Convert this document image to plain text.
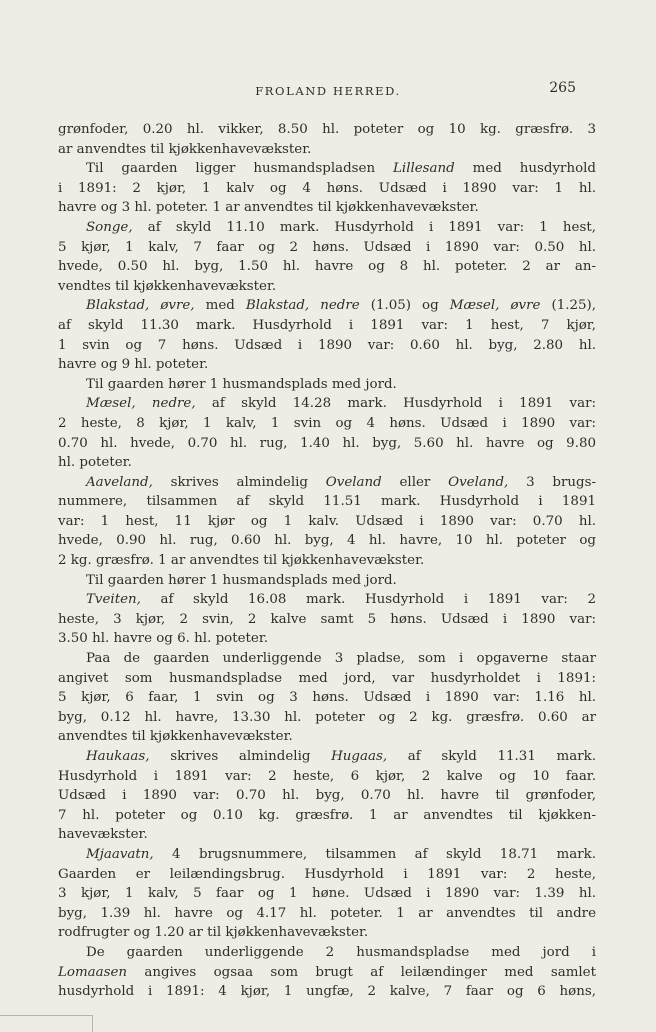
FROLAND HERRED.	265
grønfoder, 0.20 hl. vikker, 8.50 hl. poteter og 10 kg. græsfrø. 3
ar anvendtes til kjøkkenhavevækster.
Til gaarden ligger husmandspladsen Lillesand med husdyrhold
i 1891: 2 kjør, 1 kalv og 4 høns. Udsæd i 1890 var: 1 hl.
havre og 3 hl. poteter. 1 ar anvendtes til kjøkkenhavevækster.
Songe, af skyld 11.10 mark. Husdyrhold i 1891 var: 1 hest,
5 kjør, 1 kalv, 7 faar og 2 høns. Udsæd i 1890 var: 0.50 hl.
hvede, 0.50 hl. byg, 1.50 hl. havre og 8 hl. poteter. 2 ar an-
vendtes til kjøkkenhavevækster.
Blakstad, øvre, med Blakstad, nedre (1.05) og Mæsel, øvre (1.25),
af skyld 11.30 mark. Husdyrhold i 1891 var: 1 hest, 7 kjør,
1 svin og 7 høns. Udsæd i 1890 var: 0.60 hl. byg, 2.80 hl.
havre og 9 hl. poteter.
Til gaarden hører 1 husmandsplads med jord.
Mæsel, nedre, af skyld 14.28 mark. Husdyrhold i 1891 var:
2 heste, 8 kjør, 1 kalv, 1 svin og 4 høns. Udsæd i 1890 var:
0.70 hl. hvede, 0.70 hl. rug, 1.40 hl. byg, 5.60 hl. havre og 9.80
hl. poteter.
Aaveland, skrives almindelig Oveland eller Oveland, 3 brugs-
nummere, tilsammen af skyld 11.51 mark. Husdyrhold i 1891
var: 1 hest, 11 kjør og 1 kalv. Udsæd i 1890 var: 0.70 hl.
hvede, 0.90 hl. rug, 0.60 hl. byg, 4 hl. havre, 10 hl. poteter og
2 kg. græsfrø. 1 ar anvendtes til kjøkkenhavevækster.
Til gaarden hører 1 husmandsplads med jord.
Tveiten, af skyld 16.08 mark. Husdyrhold i 1891 var: 2
heste, 3 kjør, 2 svin, 2 kalve samt 5 høns. Udsæd i 1890 var:
3.50 hl. havre og 6. hl. poteter.
Paa de gaarden underliggende 3 pladse, som i opgaverne staar
angivet som husmandspladse med jord, var husdyrholdet i 1891:
5 kjør, 6 faar, 1 svin og 3 høns. Udsæd i 1890 var: 1.16 hl.
byg, 0.12 hl. havre, 13.30 hl. poteter og 2 kg. græsfrø. 0.60 ar
anvendtes til kjøkkenhavevækster.
Haukaas, skrives almindelig Hugaas, af skyld 11.31 mark.
Husdyrhold i 1891 var: 2 heste, 6 kjør, 2 kalve og 10 faar.
Udsæd i 1890 var: 0.70 hl. byg, 0.70 hl. havre til grønfoder,
7 hl. poteter og 0.10 kg. græsfrø. 1 ar anvendtes til kjøkken-
havevækster.
Mjaavatn, 4 brugsnummere, tilsammen af skyld 18.71 mark.
Gaarden er leilændingsbrug. Husdyrhold i 1891 var: 2 heste,
3 kjør, 1 kalv, 5 faar og 1 høne. Udsæd i 1890 var: 1.39 hl.
byg, 1.39 hl. havre og 4.17 hl. poteter. 1 ar anvendtes til andre
rodfrugter og 1.20 ar til kjøkkenhavevækster.
De gaarden underliggende 2 husmandspladse med jord i
Lomaasen angives ogsaa som brugt af leilændinger med samlet
husdyrhold i 1891: 4 kjør, 1 ungfæ, 2 kalve, 7 faar og 6 høns,
